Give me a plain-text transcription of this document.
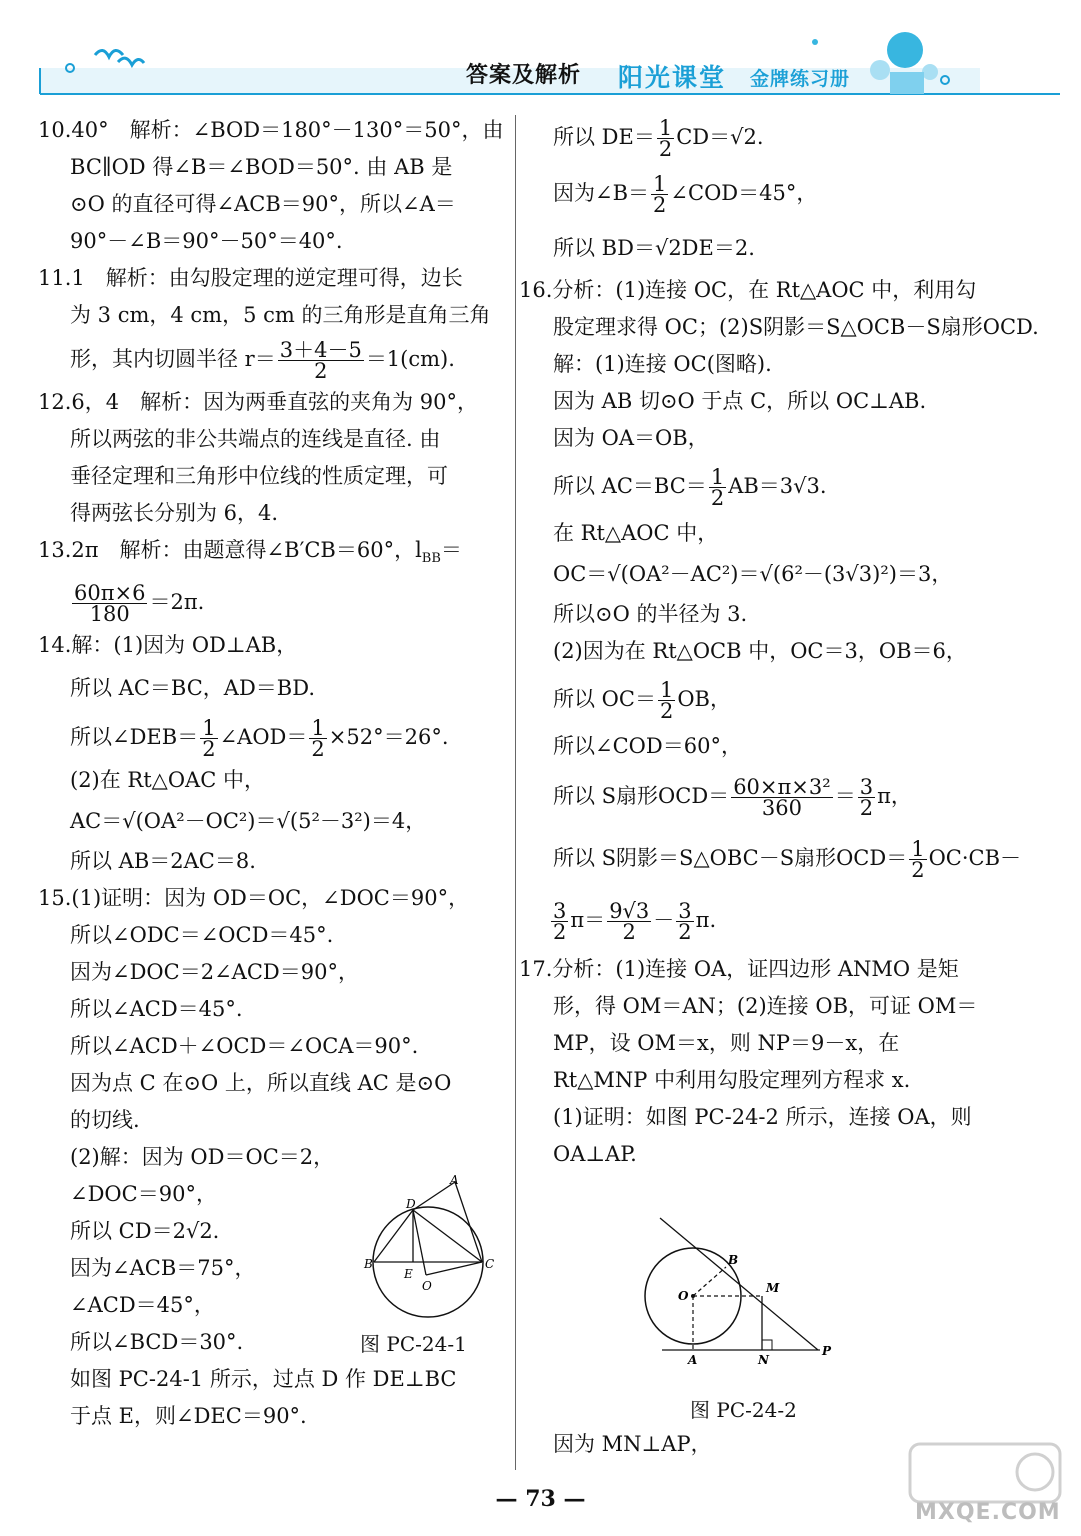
答案及解析 阳光课堂 金牌练习册
10.40°　解析：∠BOD＝180°－130°＝50°，由
BC∥OD 得∠B＝∠BOD＝50°. 由 AB 是
⊙O 的直径可得∠ACB＝90°，所以∠A＝
90°－∠B＝90°－50°＝40°.
11.1　解析：由勾股定理的逆定理可得，边长
为 3 cm，4 cm，5 cm 的三角形是直角三角
形，其内切圆半径 $r= \frac{3+4-5}{2} =1(cm)$.
12.6，4　解析：因为两垂直弦的夹角为 90°，
所以两弦的非公共端点的连线是直径. 由
垂径定理和三角形中位线的性质定理，可
得两弦长分别为 6，4.
13.2π　解析：由题意得∠B′CB＝60°，$l_{BB}=$
$\frac{60\pi\times 6}{180} =2\pi$.
14.解：(1)因为 OD⊥AB，
所以 AC＝BC，AD＝BD.
所以∠DEB＝ $\frac{1}{2}$ ∠AOD＝ $\frac{1}{2} \times 52^\circ=26^\circ$.
(2)在 Rt△OAC 中，
AC＝√(OA²－OC²)＝√(5²－3²)＝4，
所以 AB＝2AC＝8.
15.(1)证明：因为 OD＝OC，∠DOC＝90°，
所以∠ODC＝∠OCD＝45°.
因为∠DOC＝2∠ACD＝90°，
所以∠ACD＝45°.
所以∠ACD＋∠OCD＝∠OCA＝90°.
因为点 C 在⊙O 上，所以直线 AC 是⊙O
的切线.
(2)解：因为 OD＝OC＝2，
∠DOC＝90°，
所以 CD＝2√2.
因为∠ACB＝75°，
∠ACD＝45°，
所以∠BCD＝30°.
如图 PC-24-1 所示，过点 D 作 DE⊥BC
于点 E，则∠DEC＝90°.
A
D
B	C
E
O
图 PC-24-1
所以 $DE= \frac{1}{2} CD=√2$.
因为∠B＝ $\frac{1}{2}$ ∠COD＝45°，
所以 BD＝√2DE＝2.
16.分析：(1)连接 OC，在 Rt△AOC 中，利用勾
股定理求得 OC；(2)S阴影＝S△OCB－S扇形OCD.
解：(1)连接 OC(图略).
因为 AB 切⊙O 于点 C，所以 OC⊥AB.
因为 OA＝OB，
所以 $AC=BC= \frac{1}{2} AB=3√3$.
在 Rt△AOC 中，
OC＝√(OA²－AC²)＝√(6²－(3√3)²)＝3，
所以⊙O 的半径为 3.
(2)因为在 Rt△OCB 中，OC＝3，OB＝6，
所以 $OC= \frac{1}{2}$ OB，
所以∠COD＝60°，
所以 S扇形$OCD= \frac{\text{60×π×3²}}{360} = \frac{3}{2}$ π，
所以 S阴影＝S△OBC－S扇形$OCD= \frac{1}{2} OC\cdot CB-$
$\frac{3}{2} \pi= \frac{9√3}{2} - \frac{3}{2} \pi$.
17.分析：(1)连接 OA，证四边形 ANMO 是矩
形，得 OM＝AN；(2)连接 OB，可证 OM＝
MP，设 OM＝x，则 NP＝9－x，在
Rt△MNP 中利用勾股定理列方程求 x.
(1)证明：如图 PC-24-2 所示，连接 OA，则
OA⊥AP.
B
M
O
A	N
P
图 PC-24-2
因为 MN⊥AP，
— 73 —
MXQE.COM
